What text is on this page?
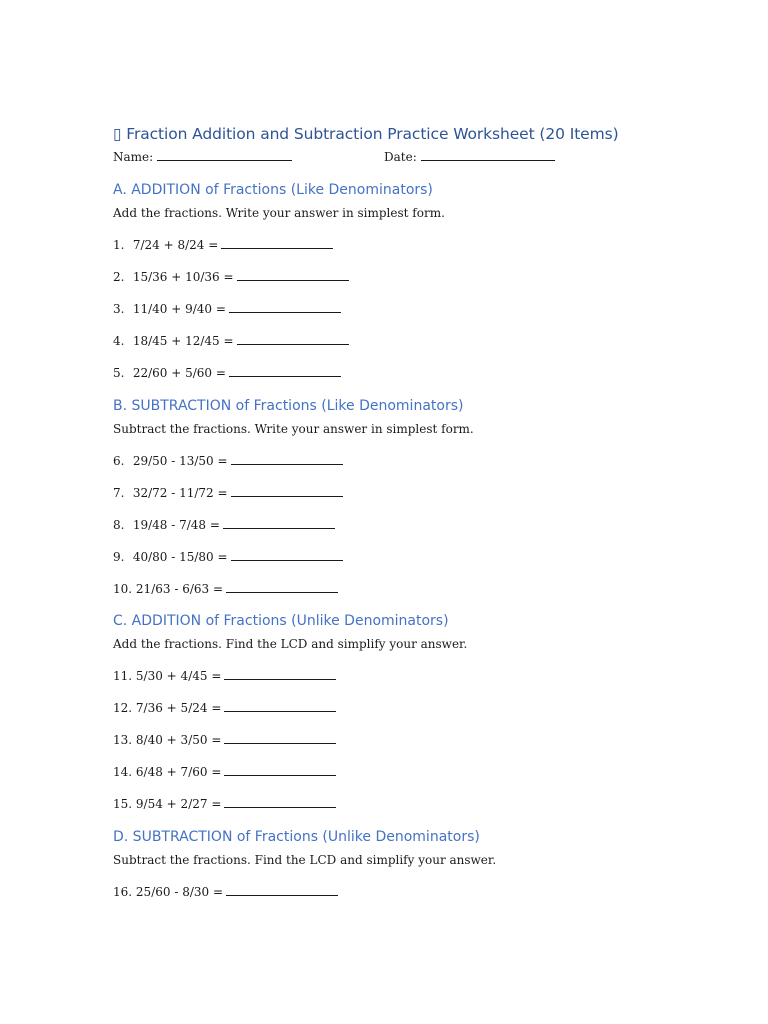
▯ Fraction Addition and Subtraction Practice Worksheet (20 Items)
Name:	Date:
A. ADDITION of Fractions (Like Denominators)
Add the fractions. Write your answer in simplest form.
1. 7/24 + 8/24 =
2. 15/36 + 10/36 =
3. 11/40 + 9/40 =
4. 18/45 + 12/45 =
5. 22/60 + 5/60 =
B. SUBTRACTION of Fractions (Like Denominators)
Subtract the fractions. Write your answer in simplest form.
6. 29/50 - 13/50 =
7. 32/72 - 11/72 =
8. 19/48 - 7/48 =
9. 40/80 - 15/80 =
10. 21/63 - 6/63 =
C. ADDITION of Fractions (Unlike Denominators)
Add the fractions. Find the LCD and simplify your answer.
11. 5/30 + 4/45 =
12. 7/36 + 5/24 =
13. 8/40 + 3/50 =
14. 6/48 + 7/60 =
15. 9/54 + 2/27 =
D. SUBTRACTION of Fractions (Unlike Denominators)
Subtract the fractions. Find the LCD and simplify your answer.
16. 25/60 - 8/30 =
